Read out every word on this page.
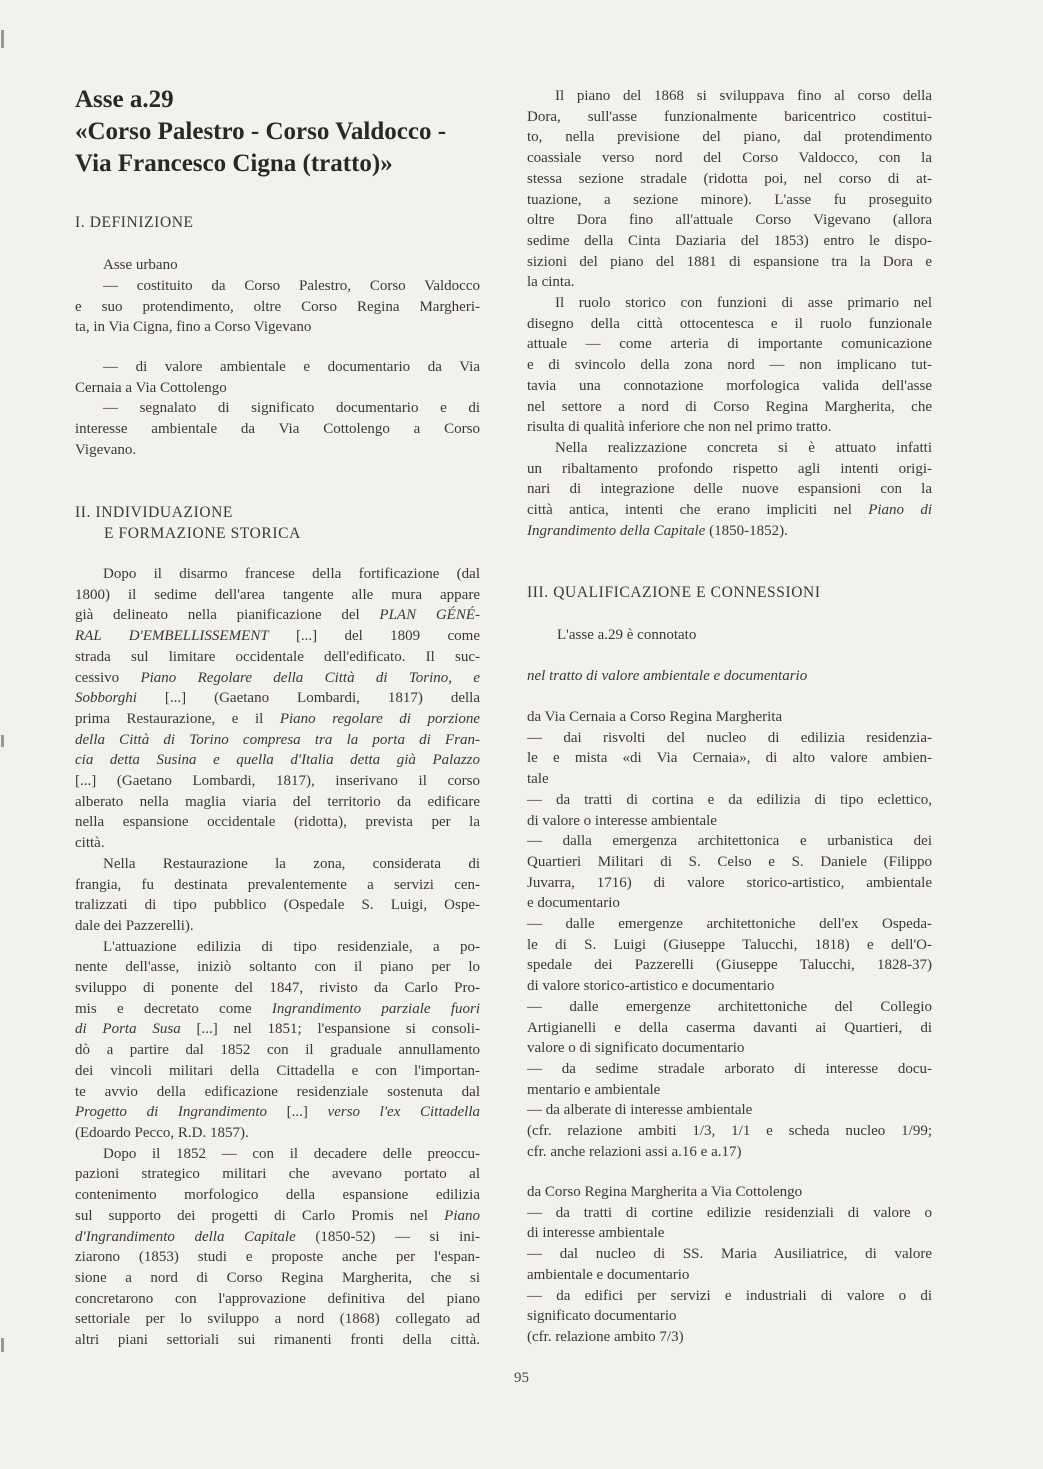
Asse a.29
«Corso Palestro - Corso Valdocco -
Via Francesco Cigna (tratto)»
I. DEFINIZIONE
Asse urbano
— costituito da Corso Palestro, Corso Valdocco
e suo protendimento, oltre Corso Regina Margheri-
ta, in Via Cigna, fino a Corso Vigevano
— di valore ambientale e documentario da Via
Cernaia a Via Cottolengo
— segnalato di significato documentario e di
interesse ambientale da Via Cottolengo a Corso
Vigevano.
II. INDIVIDUAZIONE
E FORMAZIONE STORICA
Dopo il disarmo francese della fortificazione (dal
1800) il sedime dell'area tangente alle mura appare
già delineato nella pianificazione del PLAN GÉNÉ-
RAL D'EMBELLISSEMENT [...] del 1809 come
strada sul limitare occidentale dell'edificato. Il suc-
cessivo Piano Regolare della Città di Torino, e
Sobborghi [...] (Gaetano Lombardi, 1817) della
prima Restaurazione, e il Piano regolare di porzione
della Città di Torino compresa tra la porta di Fran-
cia detta Susina e quella d'Italia detta già Palazzo
[...] (Gaetano Lombardi, 1817), inserivano il corso
alberato nella maglia viaria del territorio da edificare
nella espansione occidentale (ridotta), prevista per la
città.
Nella Restaurazione la zona, considerata di
frangia, fu destinata prevalentemente a servizi cen-
tralizzati di tipo pubblico (Ospedale S. Luigi, Ospe-
dale dei Pazzerelli).
L'attuazione edilizia di tipo residenziale, a po-
nente dell'asse, iniziò soltanto con il piano per lo
sviluppo di ponente del 1847, rivisto da Carlo Pro-
mis e decretato come Ingrandimento parziale fuori
di Porta Susa [...] nel 1851; l'espansione si consoli-
dò a partire dal 1852 con il graduale annullamento
dei vincoli militari della Cittadella e con l'importan-
te avvio della edificazione residenziale sostenuta dal
Progetto di Ingrandimento [...] verso l'ex Cittadella
(Edoardo Pecco, R.D. 1857).
Dopo il 1852 — con il decadere delle preoccu-
pazioni strategico militari che avevano portato al
contenimento morfologico della espansione edilizia
sul supporto dei progetti di Carlo Promis nel Piano
d'Ingrandimento della Capitale (1850-52) — si ini-
ziarono (1853) studi e proposte anche per l'espan-
sione a nord di Corso Regina Margherita, che si
concretarono con l'approvazione definitiva del piano
settoriale per lo sviluppo a nord (1868) collegato ad
altri piani settoriali sui rimanenti fronti della città.
Il piano del 1868 si sviluppava fino al corso della
Dora, sull'asse funzionalmente baricentrico costitui-
to, nella previsione del piano, dal protendimento
coassiale verso nord del Corso Valdocco, con la
stessa sezione stradale (ridotta poi, nel corso di at-
tuazione, a sezione minore). L'asse fu proseguito
oltre Dora fino all'attuale Corso Vigevano (allora
sedime della Cinta Daziaria del 1853) entro le dispo-
sizioni del piano del 1881 di espansione tra la Dora e
la cinta.
Il ruolo storico con funzioni di asse primario nel
disegno della città ottocentesca e il ruolo funzionale
attuale — come arteria di importante comunicazione
e di svincolo della zona nord — non implicano tut-
tavia una connotazione morfologica valida dell'asse
nel settore a nord di Corso Regina Margherita, che
risulta di qualità inferiore che non nel primo tratto.
Nella realizzazione concreta si è attuato infatti
un ribaltamento profondo rispetto agli intenti origi-
nari di integrazione delle nuove espansioni con la
città antica, intenti che erano impliciti nel Piano di
Ingrandimento della Capitale (1850-1852).
III. QUALIFICAZIONE E CONNESSIONI
L'asse a.29 è connotato
nel tratto di valore ambientale e documentario
da Via Cernaia a Corso Regina Margherita
— dai risvolti del nucleo di edilizia residenzia-
le e mista «di Via Cernaia», di alto valore ambien-
tale
— da tratti di cortina e da edilizia di tipo eclettico,
di valore o interesse ambientale
— dalla emergenza architettonica e urbanistica dei
Quartieri Militari di S. Celso e S. Daniele (Filippo
Juvarra, 1716) di valore storico-artistico, ambientale
e documentario
— dalle emergenze architettoniche dell'ex Ospeda-
le di S. Luigi (Giuseppe Talucchi, 1818) e dell'O-
spedale dei Pazzerelli (Giuseppe Talucchi, 1828-37)
di valore storico-artistico e documentario
— dalle emergenze architettoniche del Collegio
Artigianelli e della caserma davanti ai Quartieri, di
valore o di significato documentario
— da sedime stradale arborato di interesse docu-
mentario e ambientale
— da alberate di interesse ambientale
(cfr. relazione ambiti 1/3, 1/1 e scheda nucleo 1/99;
cfr. anche relazioni assi a.16 e a.17)
da Corso Regina Margherita a Via Cottolengo
— da tratti di cortine edilizie residenziali di valore o
di interesse ambientale
— dal nucleo di SS. Maria Ausiliatrice, di valore
ambientale e documentario
— da edifici per servizi e industriali di valore o di
significato documentario
(cfr. relazione ambito 7/3)
95
